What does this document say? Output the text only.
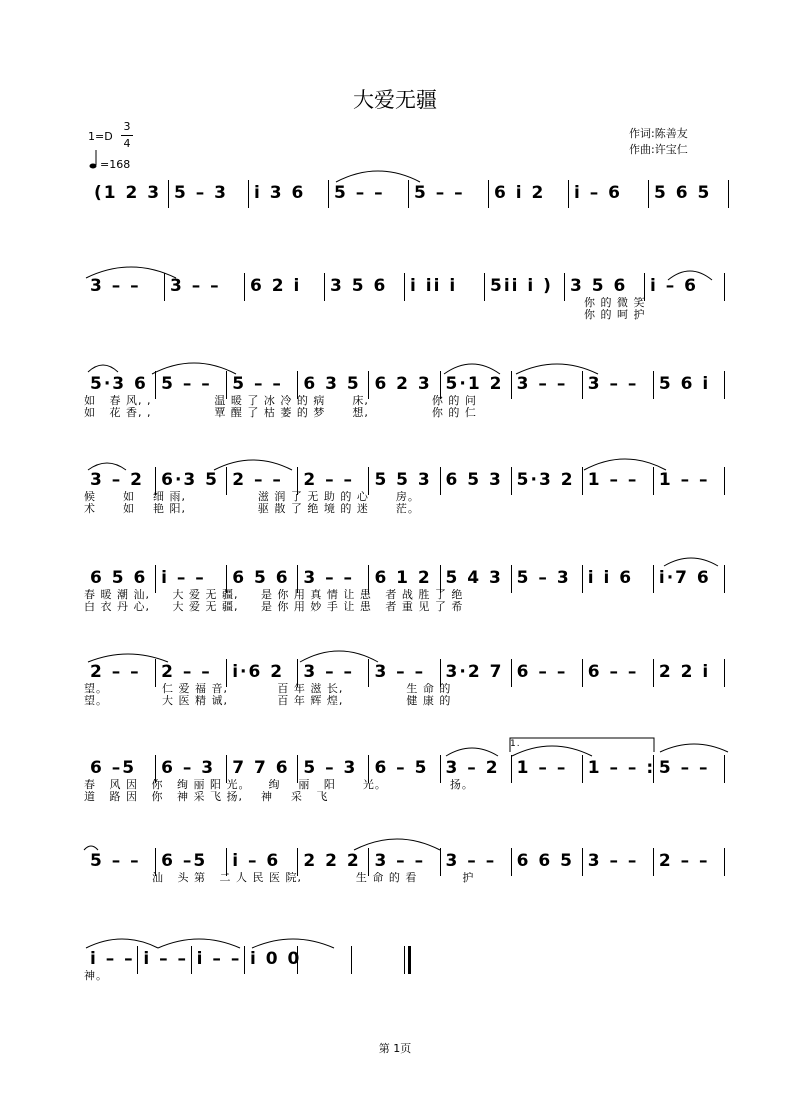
大爱无疆
作词:陈善友
作曲:许宝仁
1=D
3
4
=168
(1 2 3 5 – 3	i 3 6	5 – –	5 – –	6 i 2	i – 6	5 6 5
3 – –	3 – –	6 2 i	3 5 6	i ii i	5ii i )	3 5 6	i – 6
你 的 微 笑
你 的 呵 护
5·3 6 5 – –	5 – –	6 3 5 6 2 3 5·1 2 3 – –	3 – –	5 6 i
如   春 风, ,              温 暖 了 冰 冷 的 病      床,              你 的 问
如   花 香, ,              覃 醒 了 枯 萎 的 梦      想,              你 的 仁
3 – 2	6·3 5 2 – –	2 – –	5 5 3 6 5 3 5·3 2 1 – –	1 – –
候      如    细 雨,                滋 润 了 无 助 的 心      房。
术      如    艳 阳,                驱 散 了 绝 境 的 迷      茫。
6 5 6 i – –	6 5 6 3 – –	6 1 2 5 4 3 5 – 3	i i 6	i·7 6
春 暖 潮 汕,     大 爱 无 疆,     是 你 用 真 情 让 患   者 战 胜 了 绝
白 衣 丹 心,     大 爱 无 疆,     是 你 用 妙 手 让 患   者 重 见 了 希
2 – –	2 – –	i·6 2	3 – –	3 – –	3·2 7 6 – –	6 – –	2 2 i
望。            仁 爱 福 音,           百 年 滋 长,              生 命 的
望。            大 医 精 诚,           百 年 辉 煌,              健 康 的
6 –5	6 – 3	7 7 6 5 – 3	6 – 5	3 – 2	1 – –	1 – – : 5 – –
春   风 因   你   绚 丽 阳 光。    绚    丽   阳      光。              扬。
道   路 因   你   神 采 飞 扬,    神    采   飞
5 – –	6 –5	i – 6	2 2 2 3 – –	3 – –	6 6 5 3 – –	2 – –
汕   头 第   二 人 民 医 院,            生 命 的 看          护
i – – i – – i – – i 0 0
神。
1.
第 1页
